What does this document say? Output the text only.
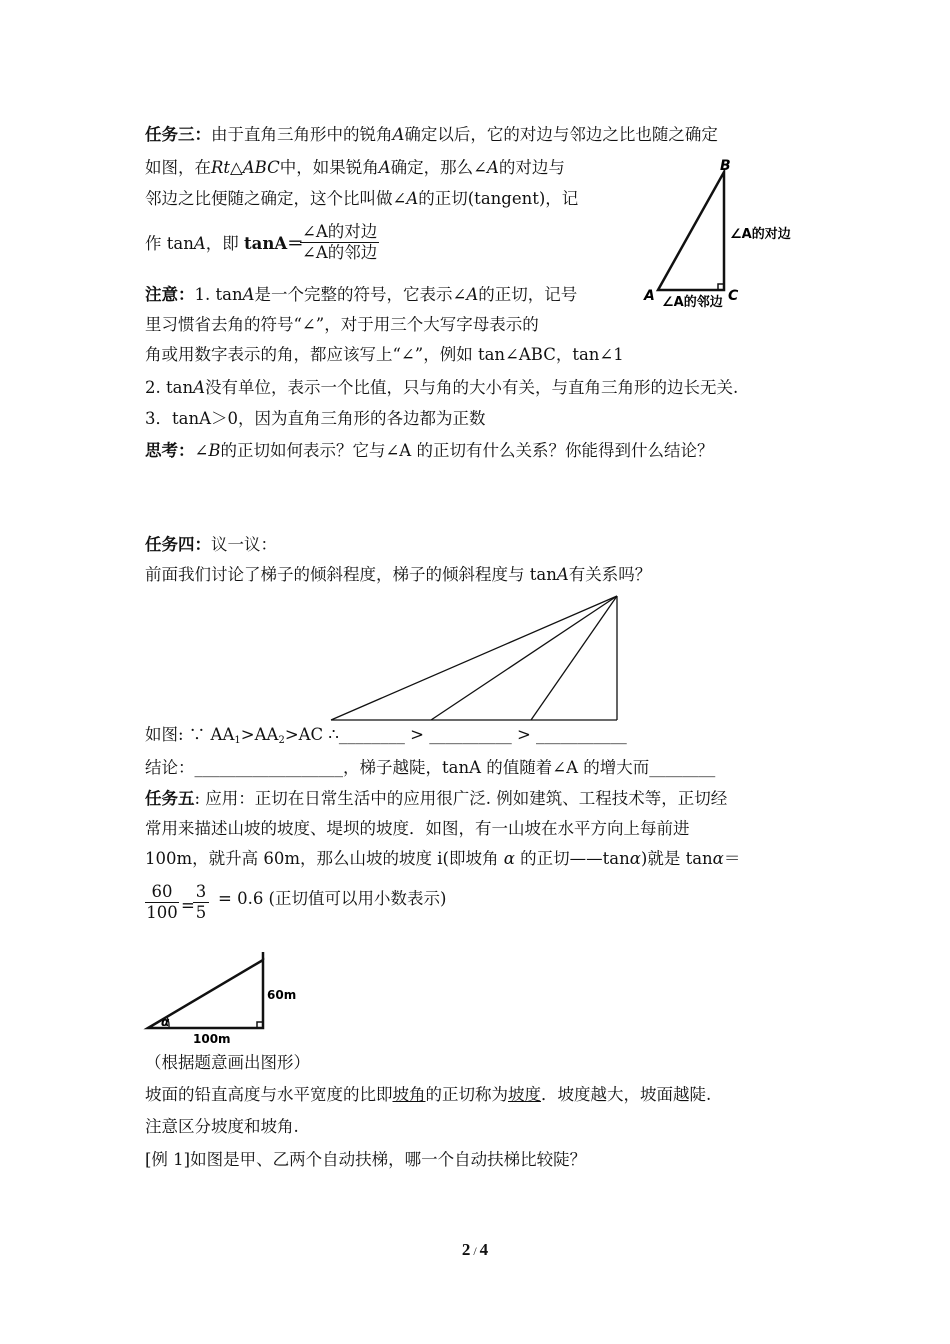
任务三：由于直角三角形中的锐角A确定以后，它的对边与邻边之比也随之确定
如图，在Rt△ABC中，如果锐角A确定，那么∠A的对边与
邻边之比便随之确定，这个比叫做∠A的正切(tangent)，记
作 tanA，即 tanA＝
∠A的对边
∠A的邻边
B
A	C
∠A的对边
∠A的邻边
注意：1. tanA是一个完整的符号，它表示∠A的正切，记号
里习惯省去角的符号“∠”，对于用三个大写字母表示的
角或用数字表示的角，都应该写上“∠”，例如 tan∠ABC，tan∠1
2. tanA没有单位，表示一个比值，只与角的大小有关，与直角三角形的边长无关.
3．tanA＞0，因为直角三角形的各边都为正数
思考：∠B的正切如何表示？它与∠A 的正切有什么关系？你能得到什么结论？
任务四：议一议：
前面我们讨论了梯子的倾斜程度，梯子的倾斜程度与 tanA有关系吗？
如图: ∵ $AA_1>AA_2>AC$ ∴________ > __________ > ___________
结论：__________________，梯子越陡，tanA 的值随着∠A 的增大而________
任务五: 应用：正切在日常生活中的应用很广泛. 例如建筑、工程技术等，正切经
常用来描述山坡的坡度、堤坝的坡度．如图，有一山坡在水平方向上每前进
100m，就升高 60m，那么山坡的坡度 i(即坡角 α 的正切——tanα)就是 tanα＝
$\frac{60}{100}$ =
$\frac{3}{5} = 0.6$ (正切值可以用小数表示)
α
60m
100m
（根据题意画出图形）
坡面的铅直高度与水平宽度的比即坡角的正切称为坡度．坡度越大，坡面越陡.
注意区分坡度和坡角.
[例 1]如图是甲、乙两个自动扶梯，哪一个自动扶梯比较陡？
2 / 4
